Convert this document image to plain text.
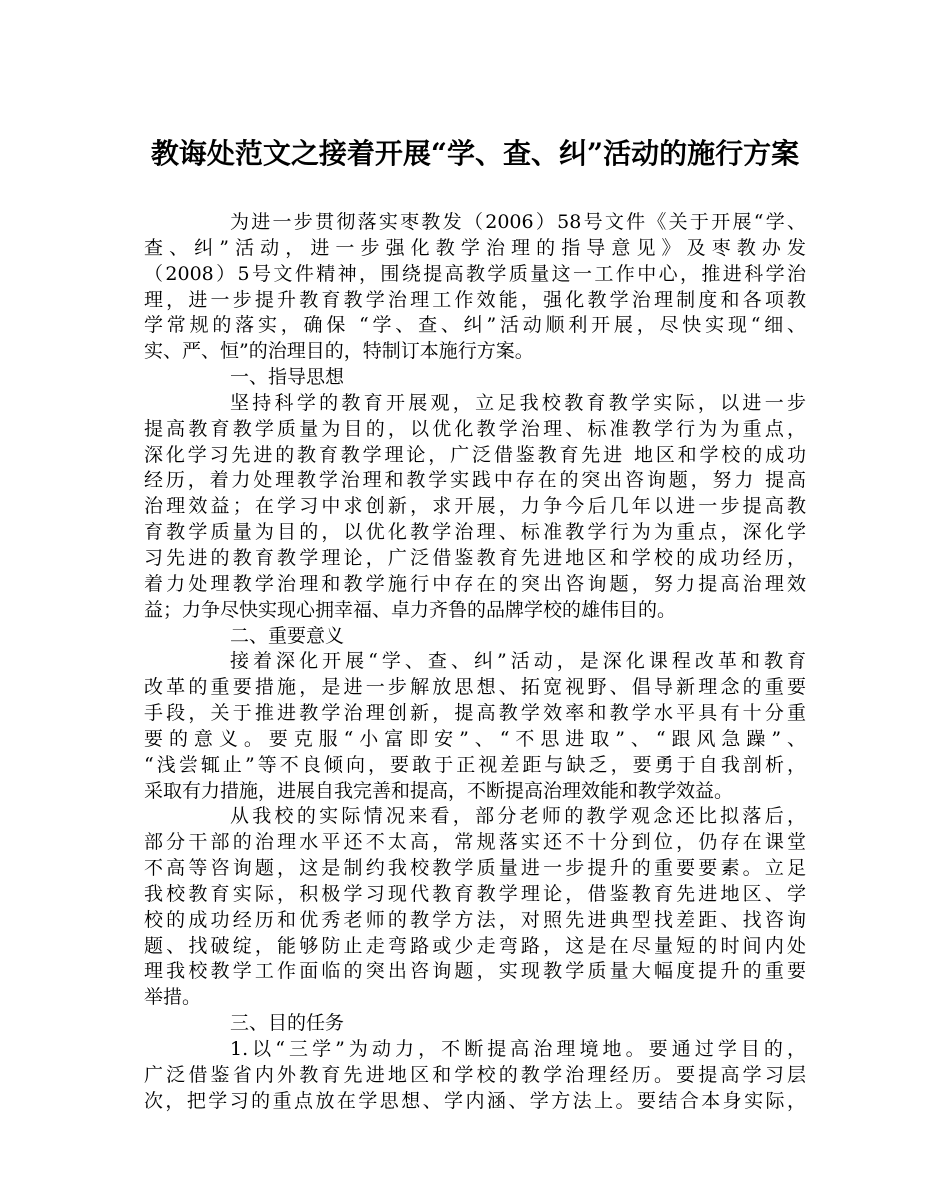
教诲处范文之接着开展“学、查、纠”活动的施行方案
为进一步贯彻落实枣教发（2006）58号文件《关于开展“学、
查、纠”活动，进一步强化教学治理的指导意见》及枣教办发
（2008）5号文件精神，围绕提高教学质量这一工作中心，推进科学治
理，进一步提升教育教学治理工作效能，强化教学治理制度和各项教
学常规的落实，确保 “学、查、纠”活动顺利开展，尽快实现“细、
实、严、恒”的治理目的，特制订本施行方案。
一、指导思想
坚持科学的教育开展观，立足我校教育教学实际，以进一步
提高教育教学质量为目的，以优化教学治理、标准教学行为为重点，
深化学习先进的教育教学理论，广泛借鉴教育先进 地区和学校的成功
经历，着力处理教学治理和教学实践中存在的突出咨询题，努力 提高
治理效益；在学习中求创新，求开展，力争今后几年以进一步提高教
育教学质量为目的，以优化教学治理、标准教学行为为重点，深化学
习先进的教育教学理论，广泛借鉴教育先进地区和学校的成功经历，
着力处理教学治理和教学施行中存在的突出咨询题，努力提高治理效
益；力争尽快实现心拥幸福、卓力齐鲁的品牌学校的雄伟目的。
二、重要意义
接着深化开展“学、查、纠”活动，是深化课程改革和教育
改革的重要措施，是进一步解放思想、拓宽视野、倡导新理念的重要
手段，关于推进教学治理创新，提高教学效率和教学水平具有十分重
要的意义。要克服“小富即安”、“不思进取”、“跟风急躁”、
“浅尝辄止”等不良倾向，要敢于正视差距与缺乏，要勇于自我剖析，
采取有力措施，进展自我完善和提高，不断提高治理效能和教学效益。
从我校的实际情况来看，部分老师的教学观念还比拟落后，
部分干部的治理水平还不太高，常规落实还不十分到位，仍存在课堂
不高等咨询题，这是制约我校教学质量进一步提升的重要要素。立足
我校教育实际，积极学习现代教育教学理论，借鉴教育先进地区、学
校的成功经历和优秀老师的教学方法，对照先进典型找差距、找咨询
题、找破绽，能够防止走弯路或少走弯路，这是在尽量短的时间内处
理我校教学工作面临的突出咨询题，实现教学质量大幅度提升的重要
举措。
三、目的任务
1.以“三学”为动力，不断提高治理境地。要通过学目的，
广泛借鉴省内外教育先进地区和学校的教学治理经历。要提高学习层
次，把学习的重点放在学思想、学内涵、学方法上。要结合本身实际，
